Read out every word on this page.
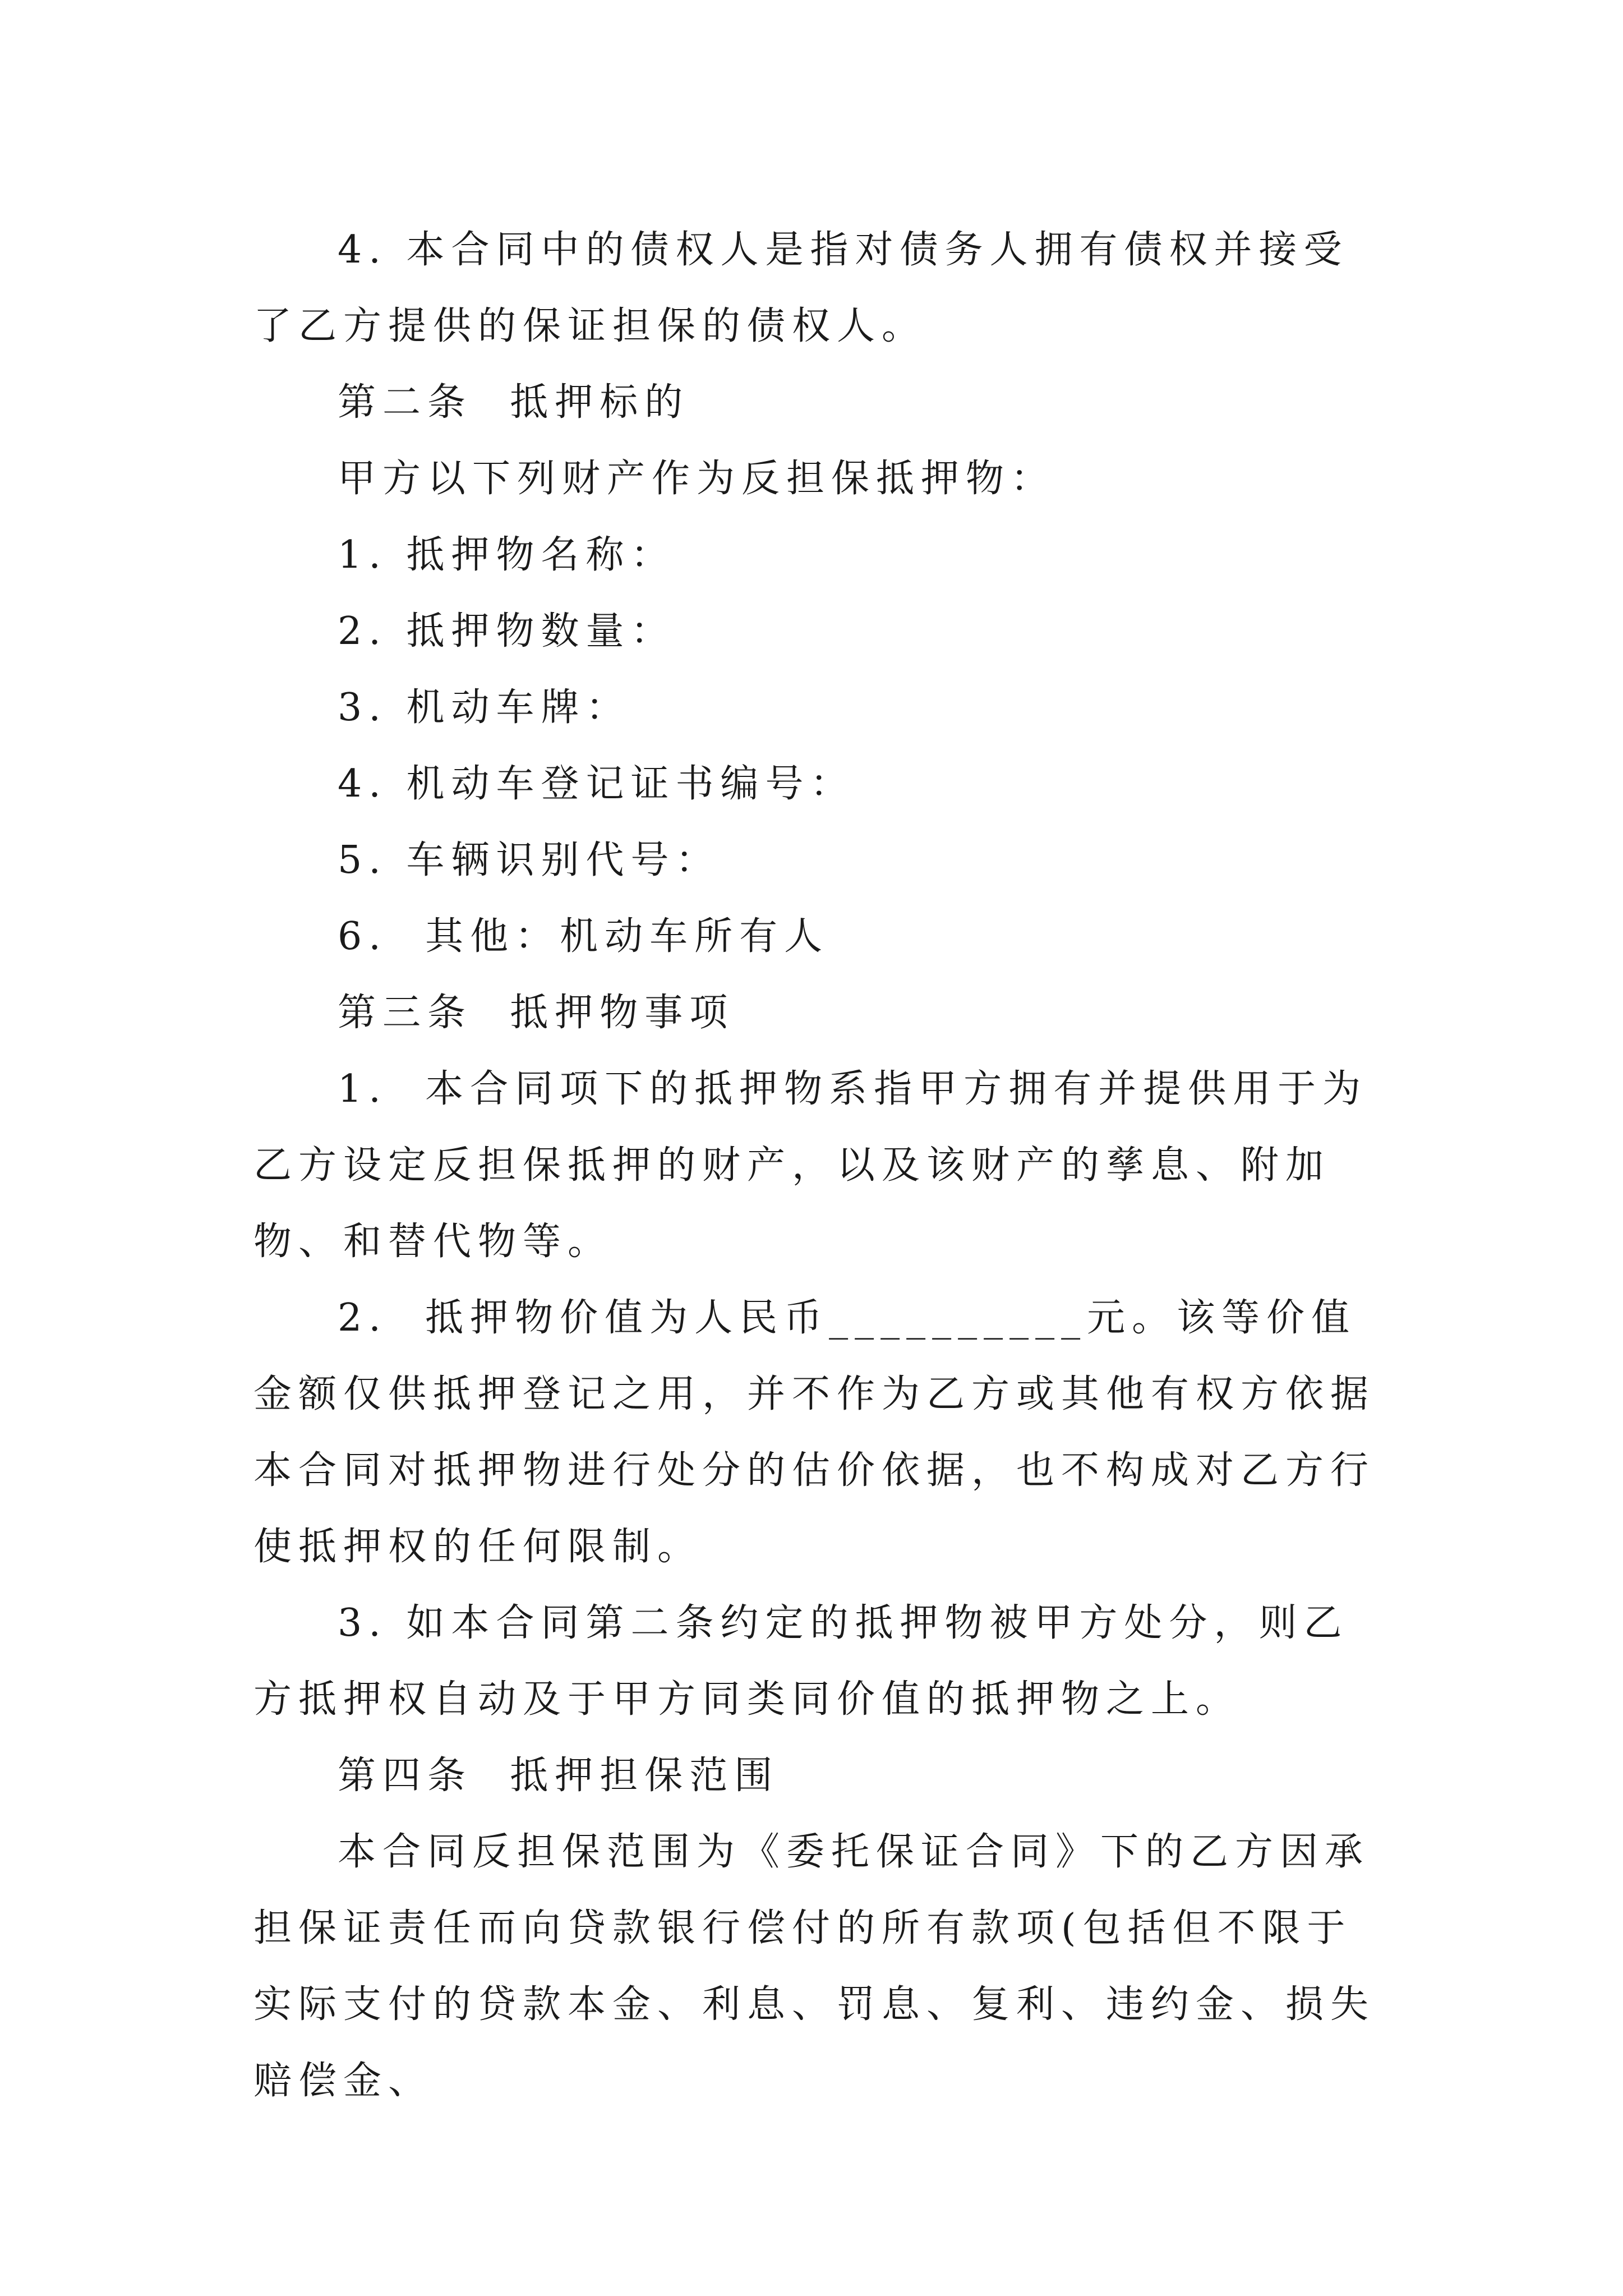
4. 本合同中的债权人是指对债务人拥有债权并接受了乙方提供的保证担保的债权人。

第二条  抵押标的

甲方以下列财产作为反担保抵押物：

1. 抵押物名称：

2. 抵押物数量：

3. 机动车牌：

4. 机动车登记证书编号：

5. 车辆识别代号：

6.  其他：机动车所有人

第三条  抵押物事项

1.  本合同项下的抵押物系指甲方拥有并提供用于为乙方设定反担保抵押的财产，以及该财产的孳息、附加物、和替代物等。

2.  抵押物价值为人民币__________元。该等价值金额仅供抵押登记之用，并不作为乙方或其他有权方依据本合同对抵押物进行处分的估价依据，也不构成对乙方行使抵押权的任何限制。

3. 如本合同第二条约定的抵押物被甲方处分，则乙方抵押权自动及于甲方同类同价值的抵押物之上。

第四条  抵押担保范围

本合同反担保范围为《委托保证合同》下的乙方因承担保证责任而向贷款银行偿付的所有款项(包括但不限于实际支付的贷款本金、利息、罚息、复利、违约金、损失赔偿金、
